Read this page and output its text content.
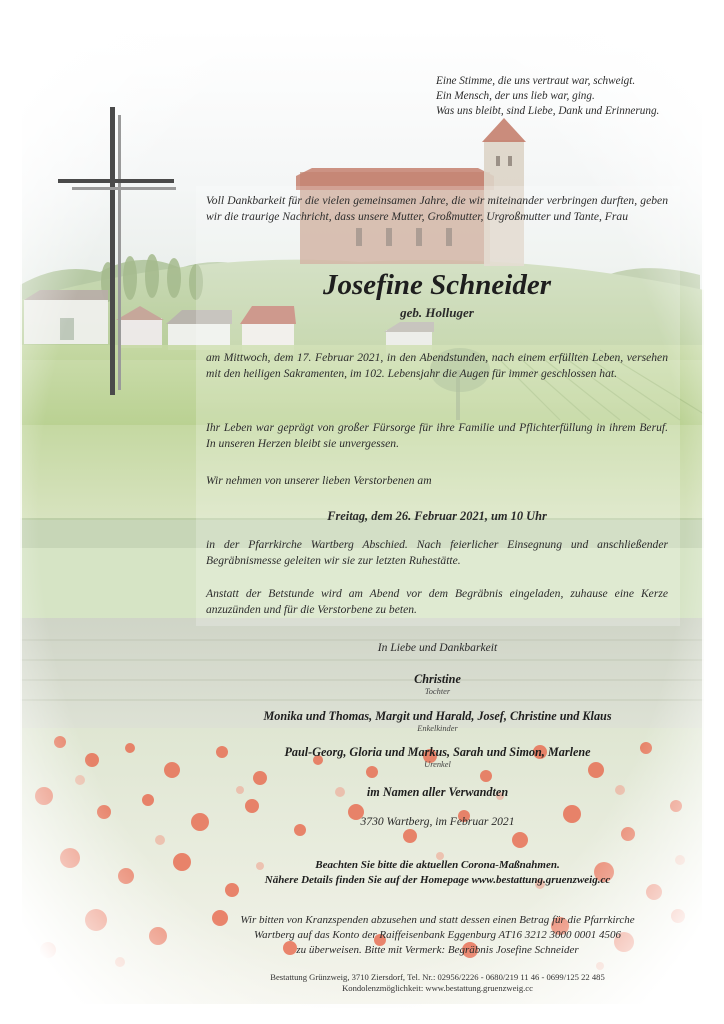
Eine Stimme, die uns vertraut war, schweigt.
Ein Mensch, der uns lieb war, ging.
Was uns bleibt, sind Liebe, Dank und Erinnerung.
Voll Dankbarkeit für die vielen gemeinsamen Jahre, die wir miteinander verbringen durften, geben wir die traurige Nachricht, dass unsere Mutter, Großmutter, Urgroßmutter und Tante, Frau
Josefine Schneider
geb. Holluger
am Mittwoch, dem 17. Februar 2021, in den Abendstunden, nach einem erfüllten Leben, versehen mit den heiligen Sakramenten, im 102. Lebensjahr die Augen für immer geschlossen hat.
Ihr Leben war geprägt von großer Fürsorge für ihre Familie und Pflichterfüllung in ihrem Beruf. In unseren Herzen bleibt sie unvergessen.
Wir nehmen von unserer lieben Verstorbenen am
Freitag, dem 26. Februar 2021, um 10 Uhr
in der Pfarrkirche Wartberg Abschied. Nach feierlicher Einsegnung und anschließender Begräbnismesse geleiten wir sie zur letzten Ruhestätte.
Anstatt der Betstunde wird am Abend vor dem Begräbnis eingeladen, zuhause eine Kerze anzuzünden und für die Verstorbene zu beten.
In Liebe und Dankbarkeit
Christine
Tochter
Monika und Thomas, Margit und Harald, Josef, Christine und Klaus
Enkelkinder
Paul-Georg, Gloria und Markus, Sarah und Simon, Marlene
Urenkel
im Namen aller Verwandten
3730 Wartberg, im Februar 2021
Beachten Sie bitte die aktuellen Corona-Maßnahmen.
Nähere Details finden Sie auf der Homepage www.bestattung.gruenzweig.cc
Wir bitten von Kranzspenden abzusehen und statt dessen einen Betrag für die Pfarrkirche
Wartberg auf das Konto der Raiffeisenbank Eggenburg AT16 3212 3000 0001 4506
zu überweisen. Bitte mit Vermerk: Begräbnis Josefine Schneider
Bestattung Grünzweig, 3710 Ziersdorf, Tel. Nr.: 02956/2226 - 0680/219 11 46 - 0699/125 22 485
Kondolenzmöglichkeit: www.bestattung.gruenzweig.cc
